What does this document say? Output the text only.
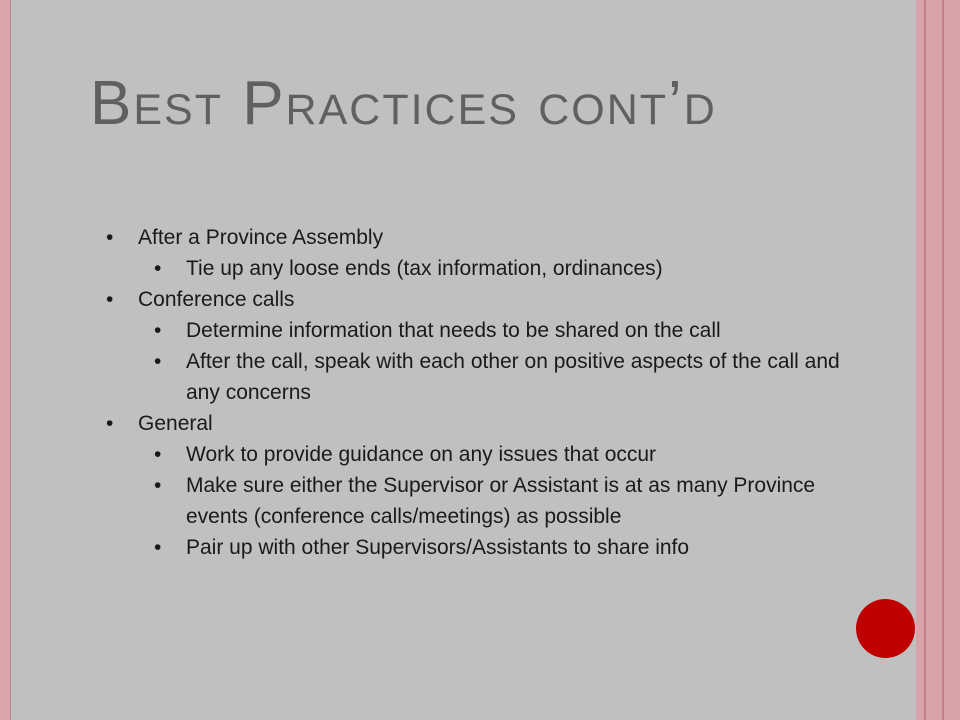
Best Practices cont’d
• After a Province Assembly
• Tie up any loose ends (tax information, ordinances)
• Conference calls
• Determine information that needs to be shared on the call
• After the call, speak with each other on positive aspects of the call and any concerns
• General
• Work to provide guidance on any issues that occur
• Make sure either the Supervisor or Assistant is at as many Province events (conference calls/meetings) as possible
• Pair up with other Supervisors/Assistants to share info
